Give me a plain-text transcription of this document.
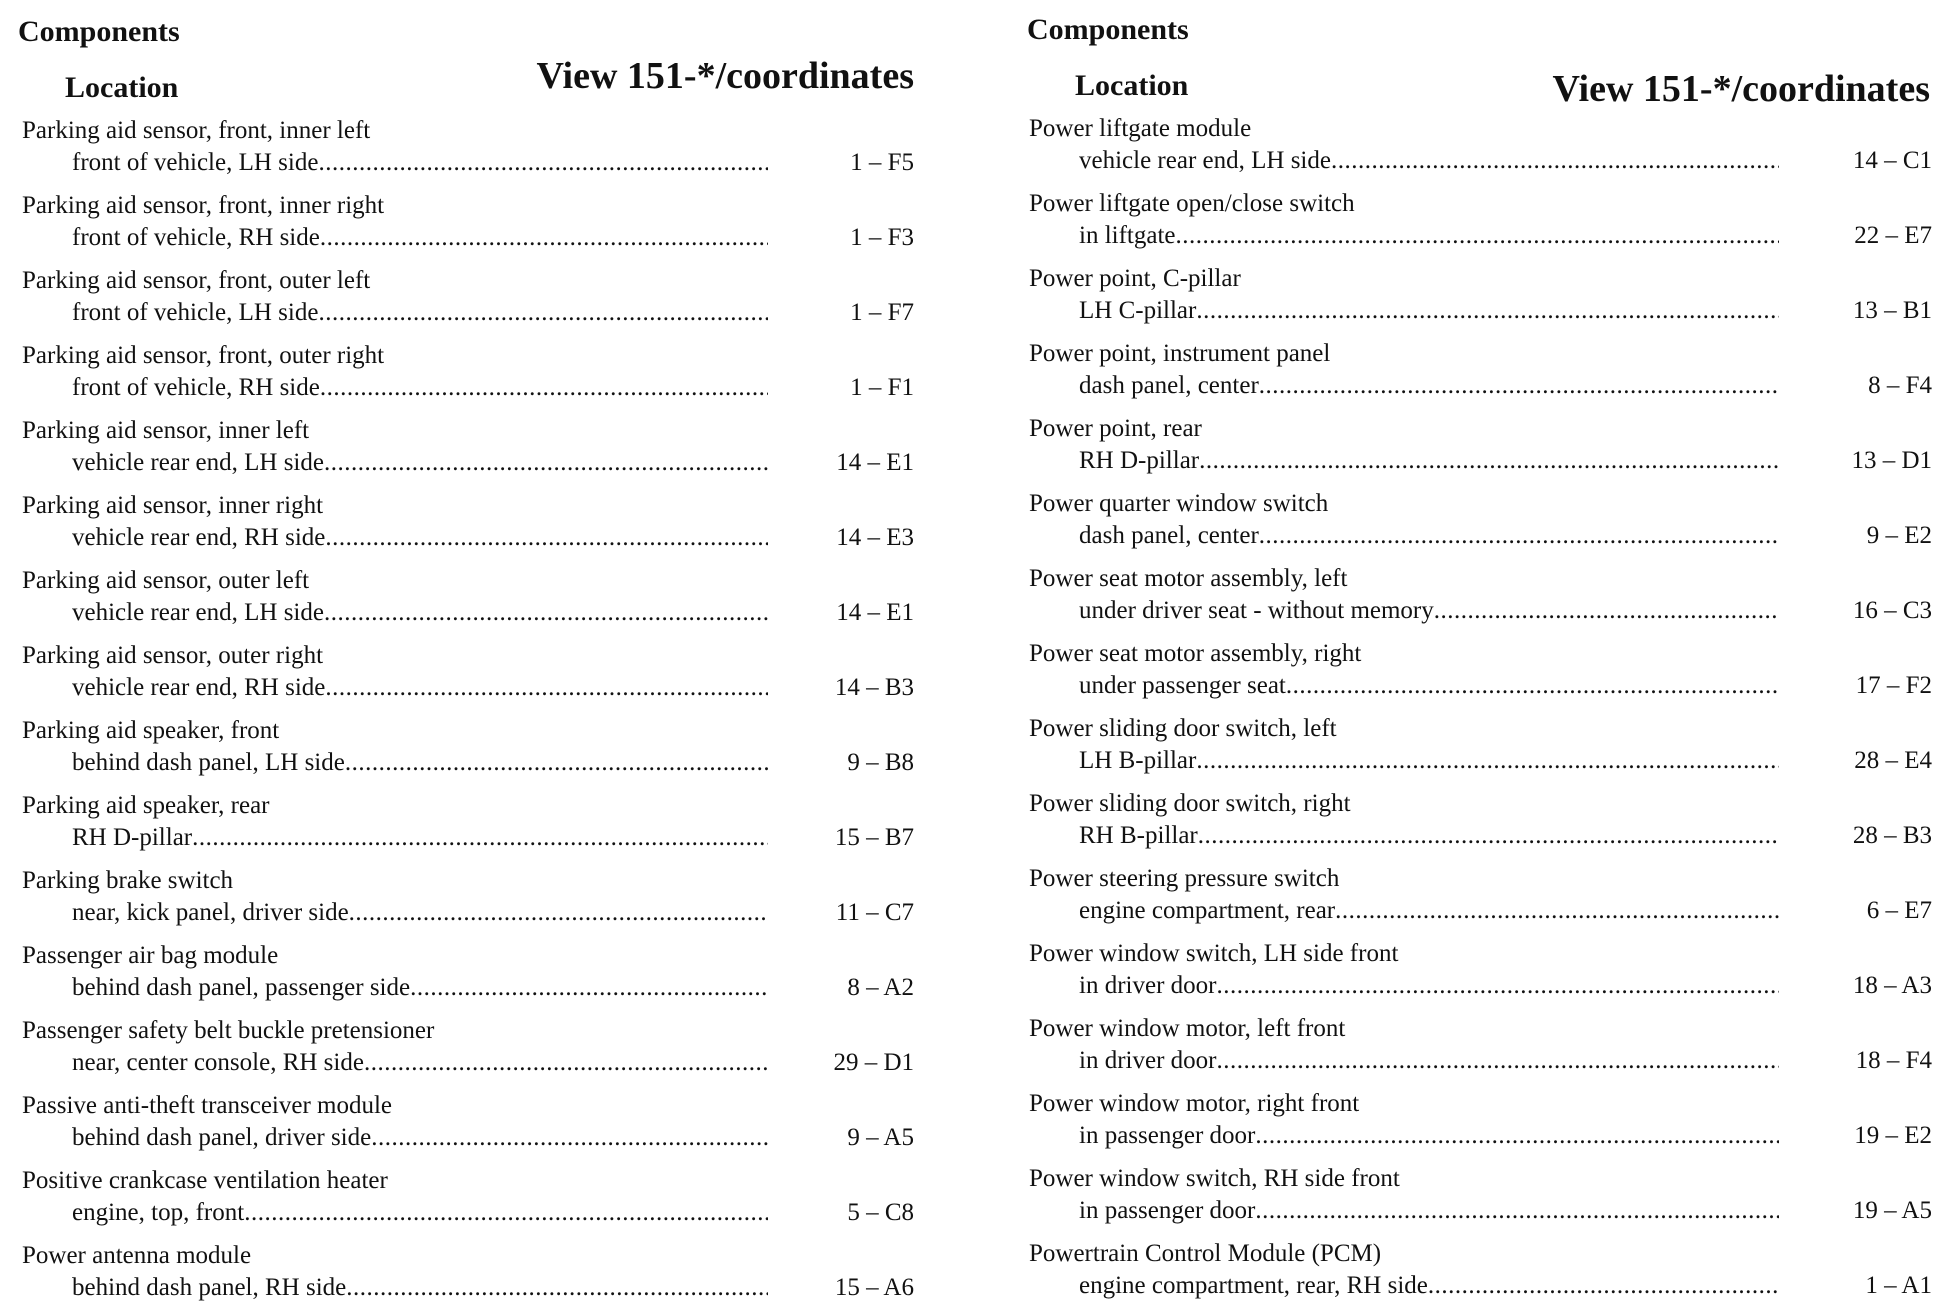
Components
Location	View 151-*/coordinates
Parking aid sensor, front, inner left
front of vehicle, LH side .....	1 – F5
Parking aid sensor, front, inner right
front of vehicle, RH side .....	1 – F3
Parking aid sensor, front, outer left
front of vehicle, LH side .....	1 – F7
Parking aid sensor, front, outer right
front of vehicle, RH side .....	1 – F1
Parking aid sensor, inner left
vehicle rear end, LH side .....	14 – E1
Parking aid sensor, inner right
vehicle rear end, RH side .....	14 – E3
Parking aid sensor, outer left
vehicle rear end, LH side .....	14 – E1
Parking aid sensor, outer right
vehicle rear end, RH side .....	14 – B3
Parking aid speaker, front
behind dash panel, LH side .....	9 – B8
Parking aid speaker, rear
RH D-pillar .....	15 – B7
Parking brake switch
near, kick panel, driver side .....	11 – C7
Passenger air bag module
behind dash panel, passenger side .....	8 – A2
Passenger safety belt buckle pretensioner
near, center console, RH side .....	29 – D1
Passive anti-theft transceiver module
behind dash panel, driver side .....	9 – A5
Positive crankcase ventilation heater
engine, top, front .....	5 – C8
Power antenna module
behind dash panel, RH side .....	15 – A6
Components
Location	View 151-*/coordinates
Power liftgate module
vehicle rear end, LH side .....	14 – C1
Power liftgate open/close switch
in liftgate .....	22 – E7
Power point, C-pillar
LH C-pillar .....	13 – B1
Power point, instrument panel
dash panel, center .....	8 – F4
Power point, rear
RH D-pillar .....	13 – D1
Power quarter window switch
dash panel, center .....	9 – E2
Power seat motor assembly, left
under driver seat - without memory .....	16 – C3
Power seat motor assembly, right
under passenger seat .....	17 – F2
Power sliding door switch, left
LH B-pillar .....	28 – E4
Power sliding door switch, right
RH B-pillar .....	28 – B3
Power steering pressure switch
engine compartment, rear .....	6 – E7
Power window switch, LH side front
in driver door .....	18 – A3
Power window motor, left front
in driver door .....	18 – F4
Power window motor, right front
in passenger door .....	19 – E2
Power window switch, RH side front
in passenger door .....	19 – A5
Powertrain Control Module (PCM)
engine compartment, rear, RH side .....	1 – A1
